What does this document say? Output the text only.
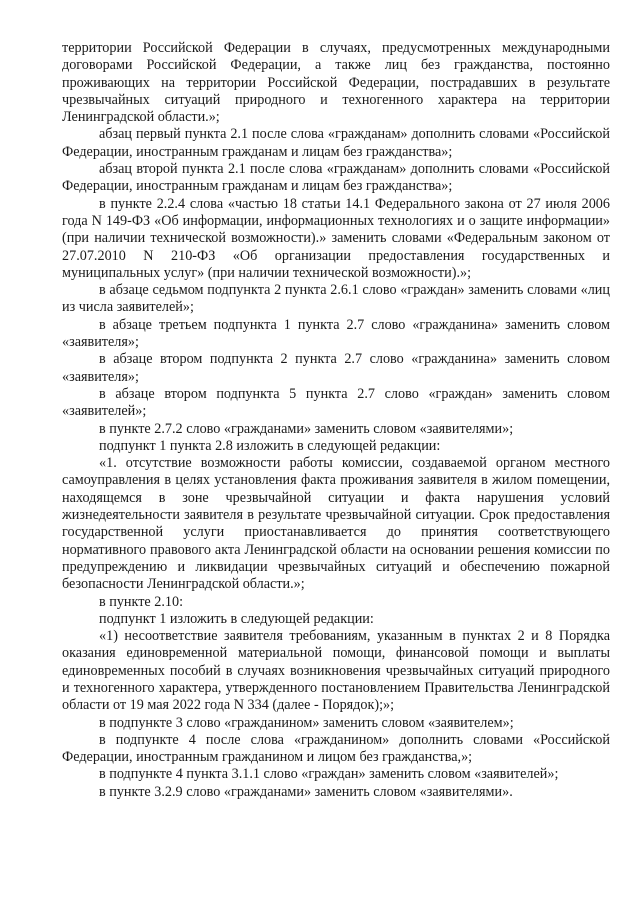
территории Российской Федерации в случаях, предусмотренных международными договорами Российской Федерации, а также лиц без гражданства, постоянно проживающих на территории Российской Федерации, пострадавших в результате чрезвычайных ситуаций природного и техногенного характера на территории Ленинградской области.»;

абзац первый пункта 2.1 после слова «гражданам» дополнить словами «Российской Федерации, иностранным гражданам и лицам без гражданства»;

абзац второй пункта 2.1 после слова «гражданам» дополнить словами «Российской Федерации, иностранным гражданам и лицам без гражданства»;

в пункте 2.2.4 слова «частью 18 статьи 14.1 Федерального закона от 27 июля 2006 года N 149-ФЗ «Об информации, информационных технологиях и о защите информации» (при наличии технической возможности).» заменить словами «Федеральным законом от 27.07.2010 N 210-ФЗ «Об организации предоставления государственных и муниципальных услуг» (при наличии технической возможности).»;

в абзаце седьмом подпункта 2 пункта 2.6.1 слово «граждан» заменить словами «лиц из числа заявителей»;

в абзаце третьем подпункта 1 пункта 2.7 слово «гражданина» заменить словом «заявителя»;

в абзаце втором подпункта 2 пункта 2.7 слово «гражданина» заменить словом «заявителя»;

в абзаце втором подпункта 5 пункта 2.7 слово «граждан» заменить словом «заявителей»;

в пункте 2.7.2 слово «гражданами» заменить словом «заявителями»;

подпункт 1 пункта 2.8 изложить в следующей редакции:

«1. отсутствие возможности работы комиссии, создаваемой органом местного самоуправления в целях установления факта проживания заявителя в жилом помещении, находящемся в зоне чрезвычайной ситуации и факта нарушения условий жизнедеятельности заявителя в результате чрезвычайной ситуации. Срок предоставления государственной услуги приостанавливается до принятия соответствующего нормативного правового акта Ленинградской области на основании решения комиссии по предупреждению и ликвидации чрезвычайных ситуаций и обеспечению пожарной безопасности Ленинградской области.»;

в пункте 2.10:

подпункт 1 изложить в следующей редакции:

«1) несоответствие заявителя требованиям, указанным в пунктах 2 и 8 Порядка оказания единовременной материальной помощи, финансовой помощи и выплаты единовременных пособий в случаях возникновения чрезвычайных ситуаций природного и техногенного характера, утвержденного постановлением Правительства Ленинградской области от 19 мая 2022 года N 334 (далее - Порядок);»;

в подпункте 3 слово «гражданином» заменить словом «заявителем»;

в подпункте 4 после слова «гражданином» дополнить словами «Российской Федерации, иностранным гражданином и лицом без гражданства,»;

в подпункте 4 пункта 3.1.1 слово «граждан» заменить словом «заявителей»;

в пункте 3.2.9 слово «гражданами» заменить словом «заявителями».
